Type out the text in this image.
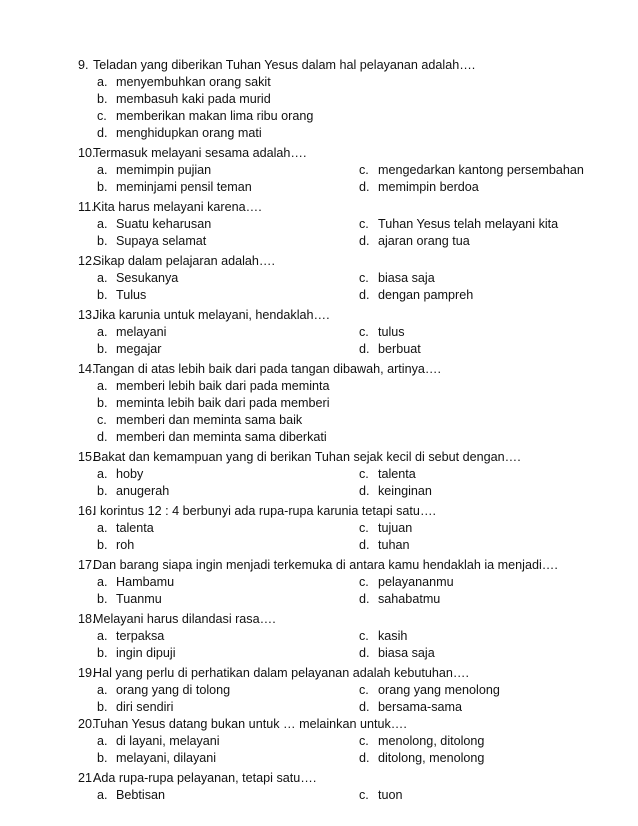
9. Teladan yang diberikan Tuhan Yesus dalam hal pelayanan adalah….
a. menyembuhkan orang sakit
b. membasuh kaki pada murid
c. memberikan makan lima ribu orang
d. menghidupkan orang mati
10.
Termasuk melayani sesama adalah….
a. memimpin pujian	c. mengedarkan kantong persembahan
b. meminjami pensil teman	d. memimpin berdoa
11.
Kita harus melayani karena….
a. Suatu keharusan	c. Tuhan Yesus telah melayani kita
b. Supaya selamat	d. ajaran orang tua
12.
Sikap dalam pelajaran adalah….
a. Sesukanya	c. biasa saja
b. Tulus	d. dengan pampreh
13.
Jika karunia untuk melayani, hendaklah….
a. melayani	c. tulus
b. megajar	d. berbuat
14.
Tangan di atas lebih baik dari pada tangan dibawah, artinya….
a. memberi lebih baik dari pada meminta
b. meminta lebih baik dari pada memberi
c. memberi dan meminta sama baik
d. memberi dan meminta sama diberkati
15.
Bakat dan kemampuan yang di berikan Tuhan sejak kecil di sebut dengan….
a. hoby	c. talenta
b. anugerah	d. keinginan
16.
I korintus 12 : 4 berbunyi ada rupa-rupa karunia tetapi satu….
a. talenta	c. tujuan
b. roh	d. tuhan
17.
Dan barang siapa ingin menjadi terkemuka di antara kamu hendaklah ia menjadi….
a. Hambamu	c. pelayananmu
b. Tuanmu	d. sahabatmu
18.
Melayani harus dilandasi rasa….
a. terpaksa	c. kasih
b. ingin dipuji	d. biasa saja
19.
Hal yang perlu di perhatikan dalam pelayanan adalah kebutuhan….
a. orang yang di tolong	c. orang yang menolong
b. diri sendiri	d. bersama-sama
20.
Tuhan Yesus datang bukan untuk … melainkan untuk….
a. di layani, melayani	c. menolong, ditolong
b. melayani, dilayani	d. ditolong, menolong
21.
Ada rupa-rupa pelayanan, tetapi satu….
a. Bebtisan	c. tuon
